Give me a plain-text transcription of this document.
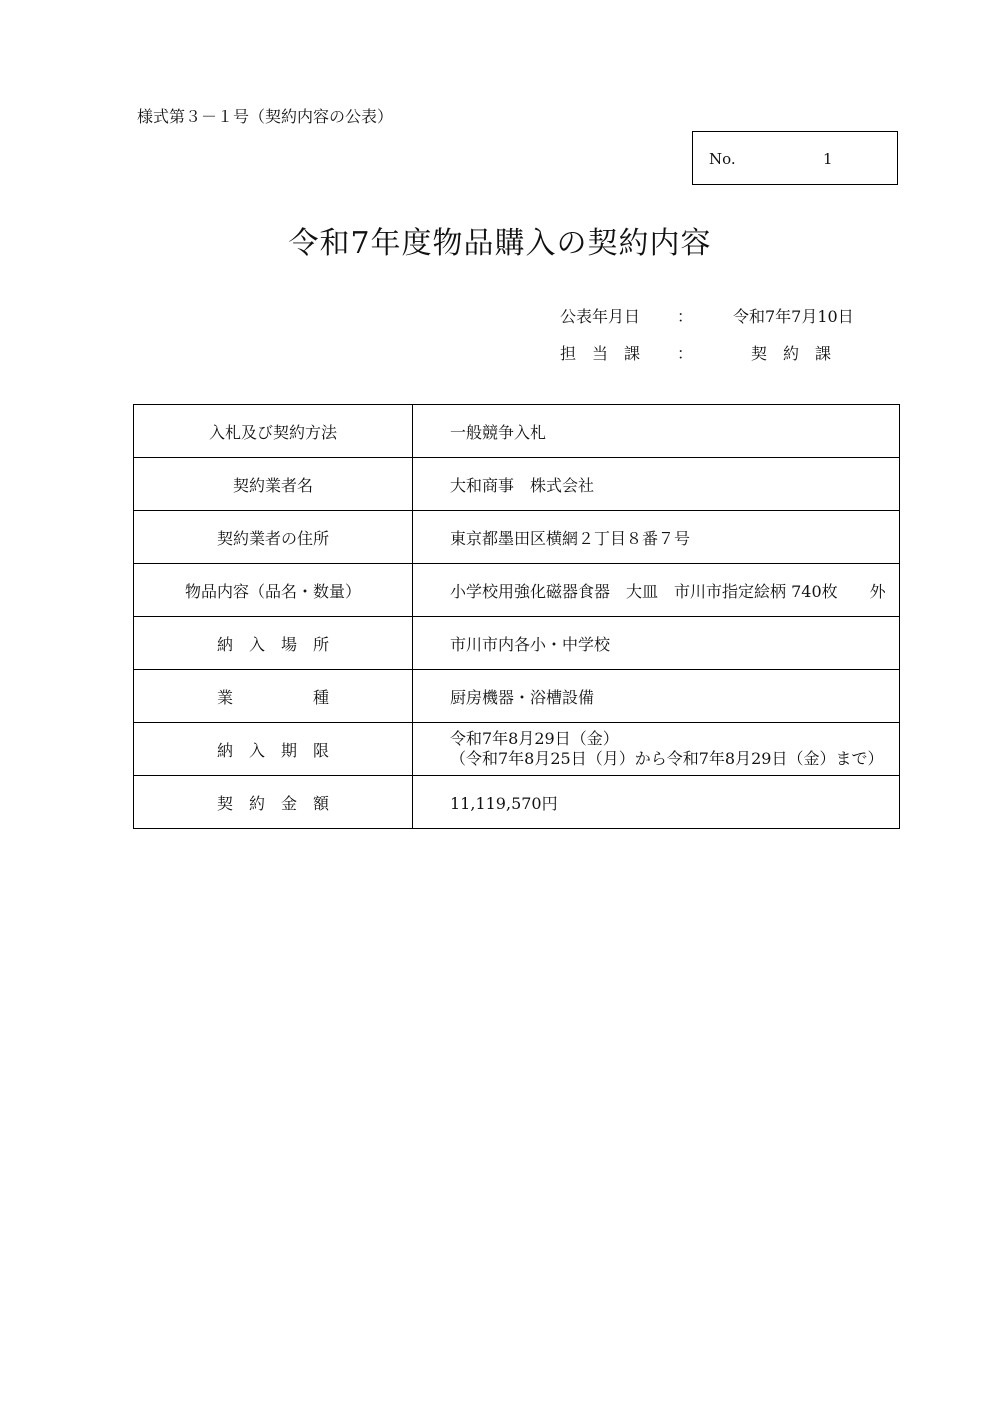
様式第３－１号（契約内容の公表）
No.	1
令和7年度物品購入の契約内容
公表年月日 ： 令和7年7月10日
担　当　課 ：	契　約　課
入札及び契約方法	一般競争入札
契約業者名	大和商事　株式会社
契約業者の住所	東京都墨田区横網２丁目８番７号
物品内容（品名・数量）	小学校用強化磁器食器　大皿　市川市指定絵柄 740枚　　外
納　入　場　所	市川市内各小・中学校
業　　　　　種	厨房機器・浴槽設備
納　入　期　限	令和7年8月29日（金）
（令和7年8月25日（月）から令和7年8月29日（金）まで）

契　約　金　額	11,119,570円
